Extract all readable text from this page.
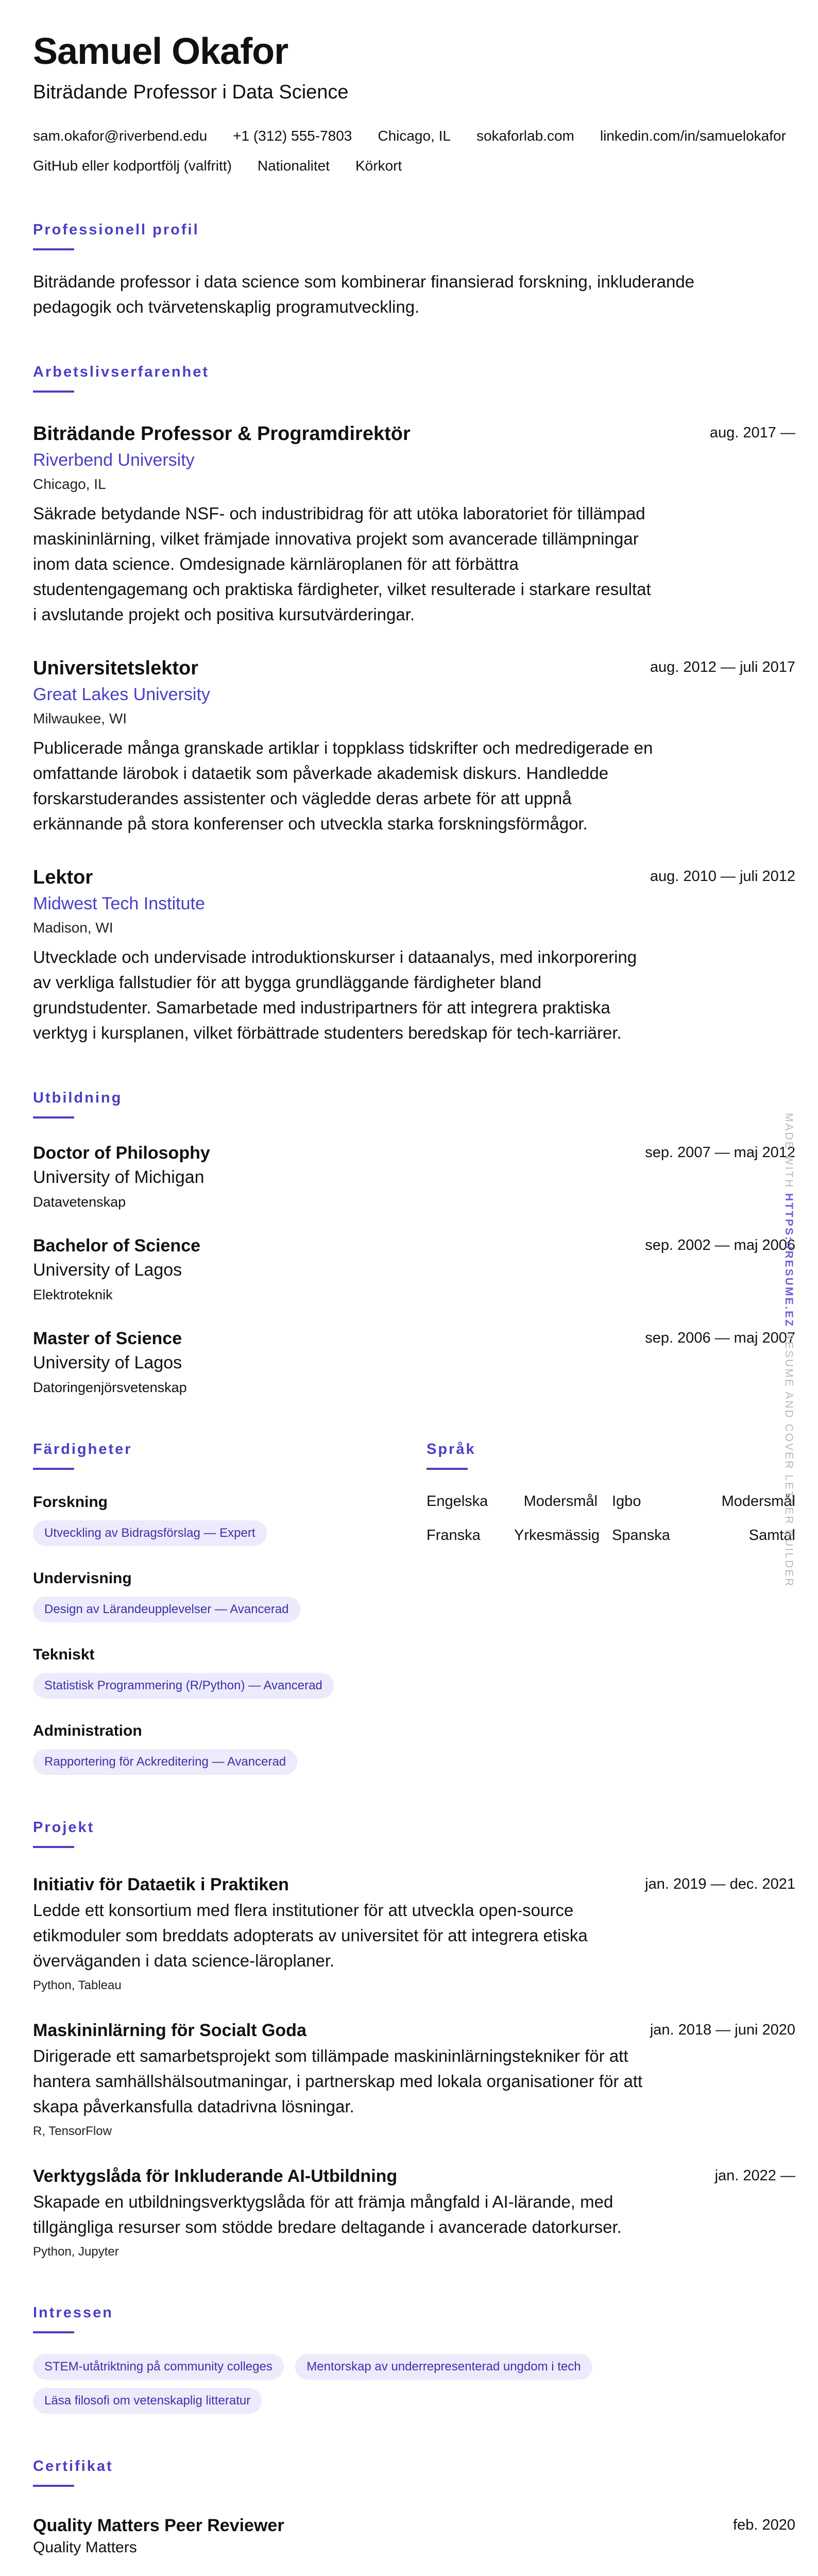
Samuel Okafor
Biträdande Professor i Data Science
sam.okafor@riverbend.edu +1 (312) 555-7803 Chicago, IL sokaforlab.com linkedin.com/in/samuelokafor
GitHub eller kodportfölj (valfritt) Nationalitet Körkort
Professionell profil
Biträdande professor i data science som kombinerar finansierad forskning, inkluderande pedagogik och tvärvetenskaplig programutveckling.
Arbetslivserfarenhet
Biträdande Professor & Programdirektör
Riverbend University
Chicago, IL
aug. 2017 —
Säkrade betydande NSF- och industribidrag för att utöka laboratoriet för tillämpad maskininlärning, vilket främjade innovativa projekt som avancerade tillämpningar inom data science. Omdesignade kärnläroplanen för att förbättra studentengagemang och praktiska färdigheter, vilket resulterade i starkare resultat i avslutande projekt och positiva kursutvärderingar.
Universitetslektor
Great Lakes University
Milwaukee, WI
aug. 2012 — juli 2017
Publicerade många granskade artiklar i toppklass tidskrifter och medredigerade en omfattande lärobok i dataetik som påverkade akademisk diskurs. Handledde forskarstuderandes assistenter och vägledde deras arbete för att uppnå erkännande på stora konferenser och utveckla starka forskningsförmågor.
Lektor
Midwest Tech Institute
Madison, WI
aug. 2010 — juli 2012
Utvecklade och undervisade introduktionskurser i dataanalys, med inkorporering av verkliga fallstudier för att bygga grundläggande färdigheter bland grundstudenter. Samarbetade med industripartners för att integrera praktiska verktyg i kursplanen, vilket förbättrade studenters beredskap för tech-karriärer.
Utbildning
Doctor of Philosophy
University of Michigan
Datavetenskap
sep. 2007 — maj 2012
Bachelor of Science
University of Lagos
Elektroteknik
sep. 2002 — maj 2006
Master of Science
University of Lagos
Datoringenjörsvetenskap
sep. 2006 — maj 2007
Färdigheter
Forskning
Utveckling av Bidragsförslag — Expert
Undervisning
Design av Lärandeupplevelser — Avancerad
Tekniskt
Statistisk Programmering (R/Python) — Avancerad
Administration
Rapportering för Ackreditering — Avancerad
Språk
Engelska	Modersmål Igbo	Modersmål
Franska	Yrkesmässig Spanska	Samtal
Projekt
Initiativ för Dataetik i Praktiken	jan. 2019 — dec. 2021
Ledde ett konsortium med flera institutioner för att utveckla open-source etikmoduler som breddats adopterats av universitet för att integrera etiska överväganden i data science-läroplaner.
Python, Tableau
Maskininlärning för Socialt Goda	jan. 2018 — juni 2020
Dirigerade ett samarbetsprojekt som tillämpade maskininlärningstekniker för att hantera samhällshälsoutmaningar, i partnerskap med lokala organisationer för att skapa påverkansfulla datadrivna lösningar.
R, TensorFlow
Verktygslåda för Inkluderande AI-Utbildning	jan. 2022 —
Skapade en utbildningsverktygslåda för att främja mångfald i AI-lärande, med tillgängliga resurser som stödde bredare deltagande i avancerade datorkurser.
Python, Jupyter
Intressen
STEM-utåtriktning på community colleges	Mentorskap av underrepresenterad ungdom i tech Läsa filosofi om vetenskaplig litteratur
Certifikat
Quality Matters Peer Reviewer
Quality Matters
feb. 2020
MADE WITH HTTPS://RESUME.EZ RESUME AND COVER LETTER BUILDER
